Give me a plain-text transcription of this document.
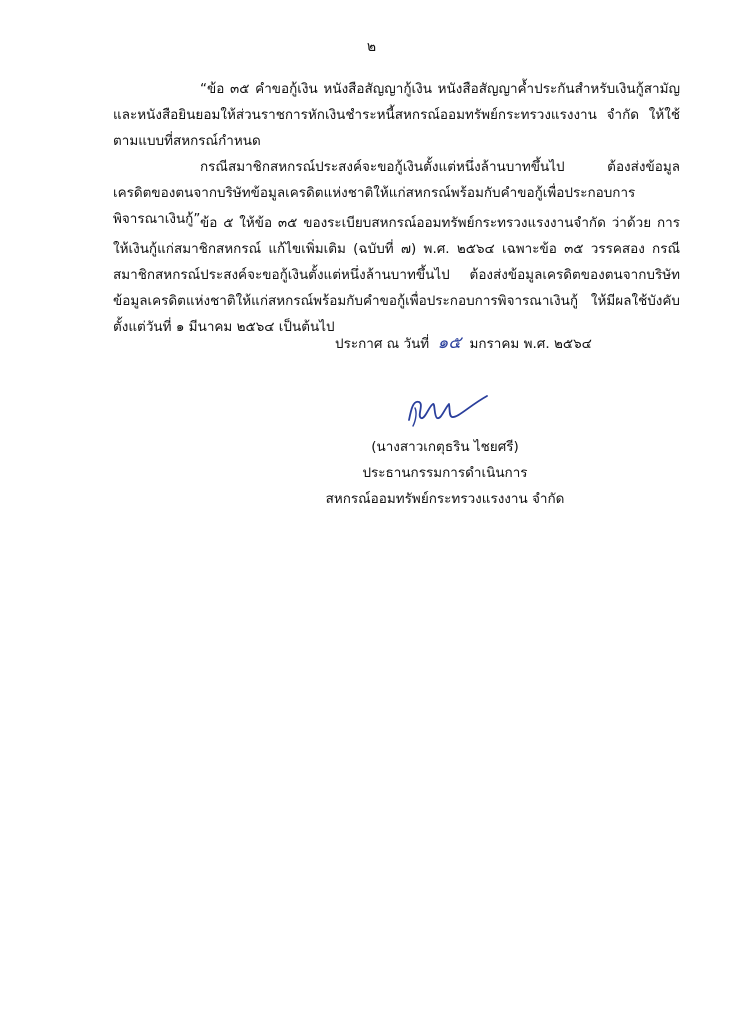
๒

“ข้อ ๓๕ คำขอกู้เงิน หนังสือสัญญากู้เงิน หนังสือสัญญาค้ำประกันสำหรับเงินกู้สามัญ และหนังสือยินยอมให้ส่วนราชการหักเงินชำระหนี้สหกรณ์ออมทรัพย์กระทรวงแรงงาน จำกัด ให้ใช้ตามแบบที่สหกรณ์กำหนด

กรณีสมาชิกสหกรณ์ประสงค์จะขอกู้เงินตั้งแต่หนึ่งล้านบาทขึ้นไป ต้องส่งข้อมูลเครดิตของตนจากบริษัทข้อมูลเครดิตแห่งชาติให้แก่สหกรณ์พร้อมกับคำขอกู้เพื่อประกอบการพิจารณาเงินกู้” ข้อ ๕ ให้ข้อ ๓๕ ของระเบียบสหกรณ์ออมทรัพย์กระทรวงแรงงานจำกัด ว่าด้วย การให้เงินกู้แก่สมาชิกสหกรณ์ แก้ไขเพิ่มเติม (ฉบับที่ ๗) พ.ศ. ๒๕๖๔ เฉพาะข้อ ๓๕ วรรคสอง กรณีสมาชิกสหกรณ์ประสงค์จะขอกู้เงินตั้งแต่หนึ่งล้านบาทขึ้นไป ต้องส่งข้อมูลเครดิตของตนจากบริษัทข้อมูลเครดิตแห่งชาติให้แก่สหกรณ์พร้อมกับคำขอกู้เพื่อประกอบการพิจารณาเงินกู้ ให้มีผลใช้บังคับตั้งแต่วันที่ ๑ มีนาคม ๒๕๖๔ เป็นต้นไป

ประกาศ ณ วันที่ ๑๕ มกราคม พ.ศ. ๒๕๖๔
(นางสาวเกตุธริน ไชยศรี)
ประธานกรรมการดำเนินการ
สหกรณ์ออมทรัพย์กระทรวงแรงงาน จำกัด
